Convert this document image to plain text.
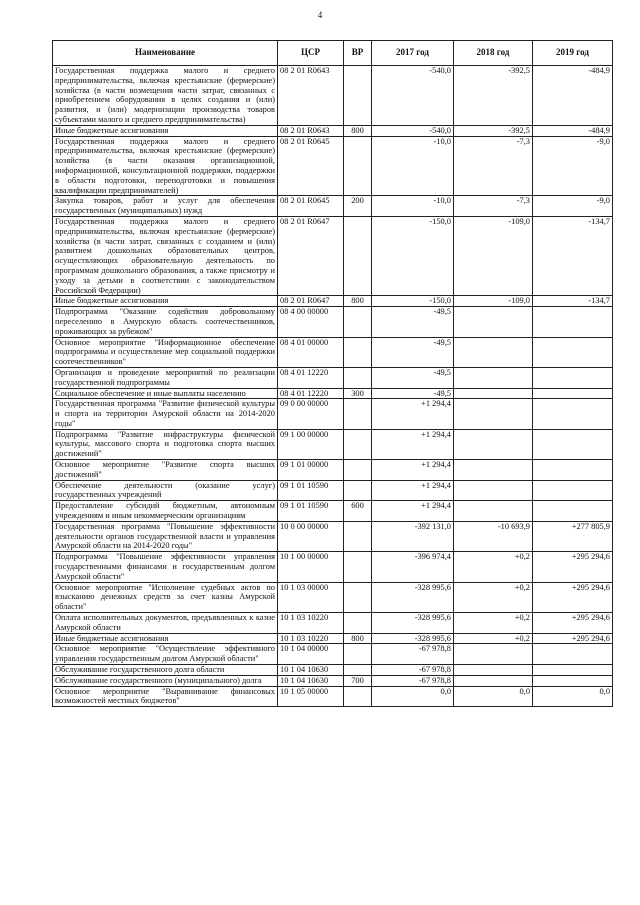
4
Наименование	ЦСР	ВР	2017 год	2018 год	2019 год
Государственная поддержка малого и среднего предпринимательства, включая крестьянские (фермерские) хозяйства (в части возмещения части затрат, связанных с приобретением оборудования в целях создания и (или) развития, и (или) модернизации производства товаров субъектами малого и среднего предпринимательства)	08 2 01 R0643		-540,0	-392,5	-484,9
Иные бюджетные ассигнования	08 2 01 R0643	800	-540,0	-392,5	-484,9
Государственная поддержка малого и среднего предпринимательства, включая крестьянские (фермерские) хозяйства (в части оказания организационной, информационной, консультационной поддержки, поддержки в области подготовки, переподготовки и повышения квалификации предпринимателей)	08 2 01 R0645		-10,0	-7,3	-9,0
Закупка товаров, работ и услуг для обеспечения государственных (муниципальных) нужд	08 2 01 R0645	200	-10,0	-7,3	-9,0
Государственная поддержка малого и среднего предпринимательства, включая крестьянские (фермерские) хозяйства (в части затрат, связанных с созданием и (или) развитием дошкольных образовательных центров, осуществляющих образовательную деятельность по программам дошкольного образования, а также присмотру и уходу за детьми в соответствии с законодательством Российской Федерации)	08 2 01 R0647		-150,0	-109,0	-134,7
Иные бюджетные ассигнования	08 2 01 R0647	800	-150,0	-109,0	-134,7
Подпрограмма "Оказание содействия добровольному переселению в Амурскую область соотечественников, проживающих за рубежом"	08 4 00 00000		-49,5		
Основное мероприятие "Информационное обеспечение подпрограммы и осуществление мер социальной поддержки соотечественников"	08 4 01 00000		-49,5		
Организация и проведение мероприятий по реализации государственной подпрограммы	08 4 01 12220		-49,5		
Социальное обеспечение и иные выплаты населению	08 4 01 12220	300	-49,5		
Государственная программа "Развитие физической культуры и спорта на территории Амурской области на 2014-2020 годы"	09 0 00 00000		+1 294,4		
Подпрограмма "Развитие инфраструктуры физической культуры, массового спорта и подготовка спорта высших достижений"	09 1 00 00000		+1 294,4		
Основное мероприятие "Развитие спорта высших достижений"	09 1 01 00000		+1 294,4		
Обеспечение деятельности (оказание услуг) государственных учреждений	09 1 01 10590		+1 294,4		
Предоставление субсидий бюджетным, автономным учреждениям и иным некоммерческим организациям	09 1 01 10590	600	+1 294,4		
Государственная программа "Повышение эффективности деятельности органов государственной власти и управления Амурской области на 2014-2020 годы"	10 0 00 00000		-392 131,0	-10 693,9	+277 805,9
Подпрограмма "Повышение эффективности управления государственными финансами и государственным долгом Амурской области"	10 1 00 00000		-396 974,4	+0,2	+295 294,6
Основное мероприятие "Исполнение судебных актов по взысканию денежных средств за счет казны Амурской области"	10 1 03 00000		-328 995,6	+0,2	+295 294,6
Оплата исполнительных документов, предъявленных к казне Амурской области	10 1 03 10220		-328 995,6	+0,2	+295 294,6
Иные бюджетные ассигнования	10 1 03 10220	800	-328 995,6	+0,2	+295 294,6
Основное мероприятие "Осуществление эффективного управления государственным долгом Амурской области"	10 1 04 00000		-67 978,8		
Обслуживание государственного долга области	10 1 04 10630		-67 978,8		
Обслуживание государственного (муниципального) долга	10 1 04 10630	700	-67 978,8		
Основное мероприятие "Выравнивание финансовых возможностей местных бюджетов"	10 1 05 00000		0,0	0,0	0,0
